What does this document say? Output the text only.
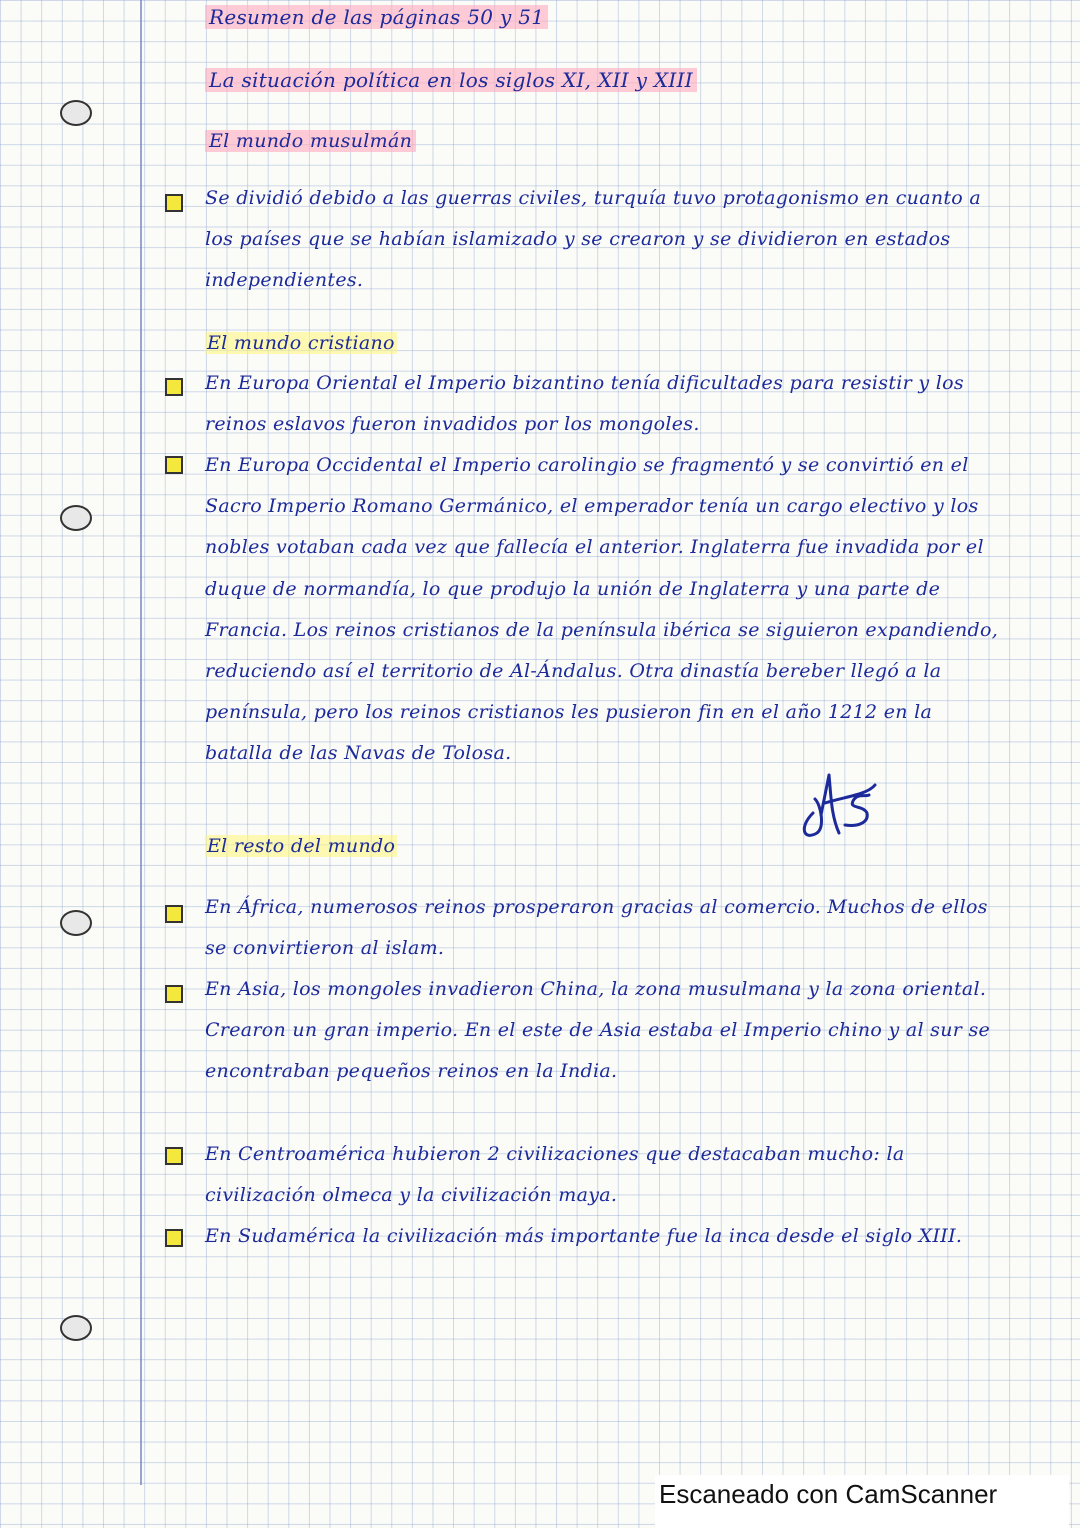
Resumen de las páginas 50 y 51
La situación política en los siglos XI, XII y XIII
El mundo musulmán
Se dividió debido a las guerras civiles, turquía tuvo protagonismo en cuanto a los países que se habían islamizado y se crearon y se dividieron en estados independientes.
El mundo cristiano
En Europa Oriental el Imperio bizantino tenía dificultades para resistir y los reinos eslavos fueron invadidos por los mongoles.
En Europa Occidental el Imperio carolingio se fragmentó y se convirtió en el Sacro Imperio Romano Germánico, el emperador tenía un cargo electivo y los nobles votaban cada vez que fallecía el anterior. Inglaterra fue invadida por el duque de normandía, lo que produjo la unión de Inglaterra y una parte de Francia. Los reinos cristianos de la península ibérica se siguieron expandiendo, reduciendo así el territorio de Al-Ándalus. Otra dinastía bereber llegó a la península, pero los reinos cristianos les pusieron fin en el año 1212 en la batalla de las Navas de Tolosa.
El resto del mundo
En África, numerosos reinos prosperaron gracias al comercio. Muchos de ellos se convirtieron al islam.
En Asia, los mongoles invadieron China, la zona musulmana y la zona oriental. Crearon un gran imperio. En el este de Asia estaba el Imperio chino y al sur se encontraban pequeños reinos en la India.
En Centroamérica hubieron 2 civilizaciones que destacaban mucho: la civilización olmeca y la civilización maya.
En Sudamérica la civilización más importante fue la inca desde el siglo XIII.
Escaneado con CamScanner
